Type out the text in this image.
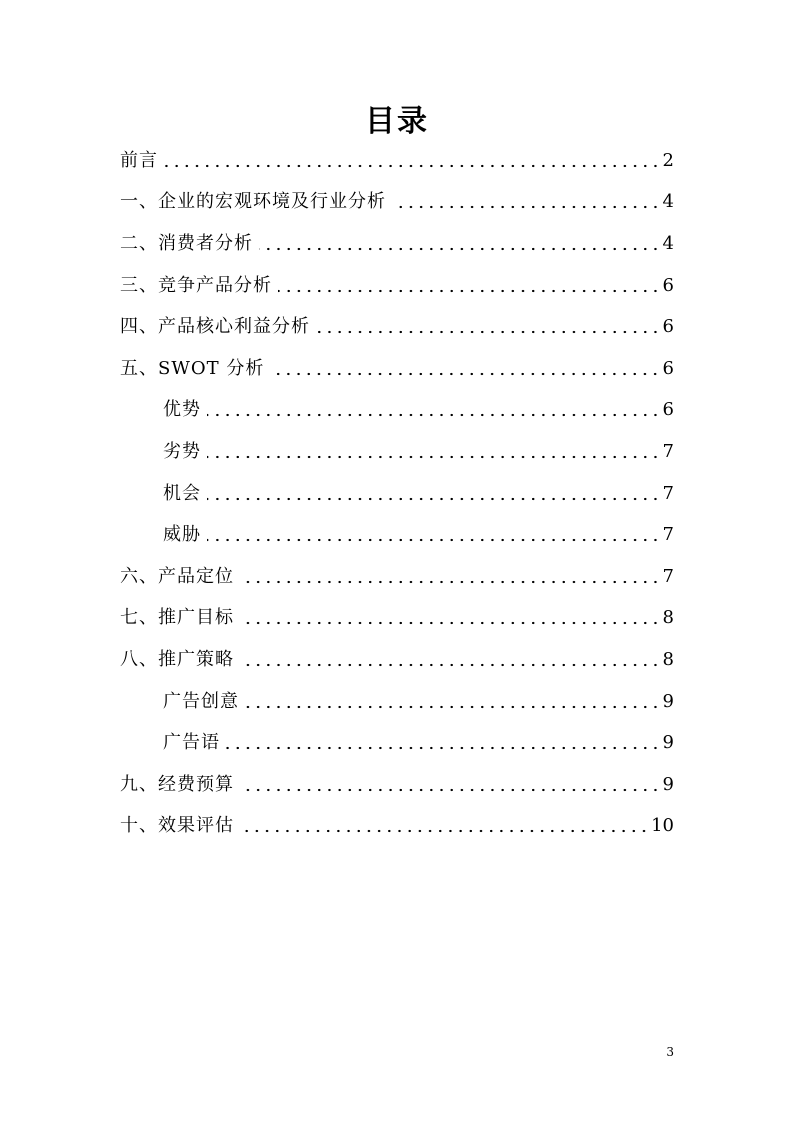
目录
前言	2
一、企业的宏观环境及行业分析	4
二、消费者分析	4
三、竞争产品分析	6
四、产品核心利益分析	6
五、SWOT 分析	6
优势	6
劣势	7
机会	7
威胁	7
六、产品定位	7
七、推广目标	8
八、推广策略	8
广告创意	9
广告语	9
九、经费预算	9
十、效果评估	10
3
